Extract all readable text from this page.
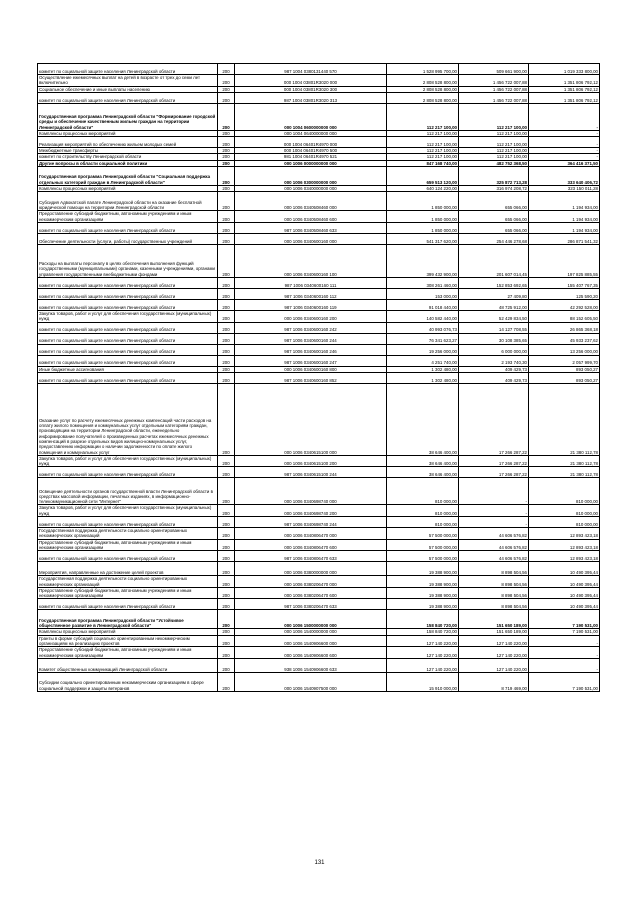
комитет по социальной защите населения Ленинградской области	200	987 1004 0380131440 570	1 528 995 700,00	509 661 900,00	1 019 333 800,00
Осуществление ежемесячных выплат на детей в возрасте от трех до семи лет включительно	200	000 1004 03801R3020 000	2 808 528 800,00	1 456 722 007,88	1 351 806 792,12
Социальное обеспечение и иные выплаты населению	200	000 1004 03801R3020 300	2 808 528 800,00	1 456 722 007,88	1 351 806 792,12
комитет по социальной защите населения Ленинградской области	200	987 1004 03801R3020 313	2 808 528 800,00	1 456 722 007,88	1 351 806 792,12
Государственная программа Ленинградской области "Формирование городской среды и обеспечение качественным жильем граждан на территории Ленинградской области"	200	000 1004 0600000000 000	112 217 100,00	112 217 100,00	-
Комплексы процессных мероприятий	200	000 1004 0640000000 000	112 217 100,00	112 217 100,00	-
Реализация мероприятий по обеспечению жильем молодых семей	200	000 1004 06401R4970 000	112 217 100,00	112 217 100,00	-
Межбюджетные трансферты	200	000 1004 06401R4970 500	112 217 100,00	112 217 100,00	-
комитет по строительству Ленинградской области	200	981 1004 06401R4970 521	112 217 100,00	112 217 100,00	-
Другие вопросы в области социальной политики	200	000 1006 0000000000 000	847 168 740,00	482 752 368,50	364 416 371,50
Государственная программа Ленинградской области "Социальная поддержка отдельных категорий граждан в Ленинградской области"	200	000 1006 0300000000 000	659 513 120,00	325 872 713,28	333 640 406,72
Комплексы процессных мероприятий	200	000 1006 0340000000 000	640 124 220,00	316 974 208,72	323 150 011,28
Субсидия Адвокатской палате Ленинградской области на оказание бесплатной юридической помощи на территории Ленинградской области	200	000 1006 0340508460 000	1 850 000,00	655 066,00	1 194 934,00
Предоставление субсидий бюджетным, автономным учреждениям и иным некоммерческим организациям	200	000 1006 0340508460 600	1 850 000,00	655 066,00	1 194 934,00
комитет по социальной защите населения Ленинградской области	200	987 1006 0340508460 633	1 850 000,00	655 066,00	1 194 934,00
Обеспечение деятельности (услуги, работы) государственных учреждений	200	000 1006 0340600160 000	541 317 620,00	254 446 278,68	286 871 541,32
Расходы на выплаты персоналу в целях обеспечения выполнения функций государственными (муниципальными) органами, казенными учреждениями, органами управления государственными внебюджетными фондами	200	000 1006 0340600160 100	399 432 900,00	201 607 014,45	197 825 885,55
комитет по социальной защите населения Ленинградской области	200	987 1006 0340600160 111	308 261 460,00	152 853 692,65	155 407 767,35
комитет по социальной защите населения Ленинградской области	200	987 1006 0340600160 112	153 000,00	27 409,80	125 590,20
комитет по социальной защите населения Ленинградской области	200	987 1006 0340600160 119	91 018 440,00	48 725 912,00	42 292 528,00
Закупка товаров, работ и услуг для обеспечения государственных (муниципальных) нужд	200	000 1006 0340600160 200	140 582 440,00	52 429 834,50	88 152 605,50
комитет по социальной защите населения Ленинградской области	200	987 1006 0340600160 242	40 993 076,73	14 127 708,55	26 865 368,18
комитет по социальной защите населения Ленинградской области	200	987 1006 0340600160 244	76 341 623,27	30 108 385,65	45 933 237,62
комитет по социальной защите населения Ленинградской области	200	987 1006 0340600160 246	19 256 000,00	6 000 000,00	13 256 000,00
комитет по социальной защите населения Ленинградской области	200	987 1006 0340600160 247	4 251 740,00	2 193 740,30	2 057 999,70
Иные бюджетные ассигнования	200	000 1006 0340600160 800	1 302 480,00	409 429,73	893 050,27
комитет по социальной защите населения Ленинградской области	200	987 1006 0340600160 852	1 302 480,00	409 429,73	893 050,27
Оказание услуг по расчету ежемесячных денежных компенсаций части расходов на оплату жилого помещения и коммунальных услуг отдельным категориям граждан, производящим на территории Ленинградской области, еженедельно информирование получателей о произведенных расчетах ежемесячных денежных компенсаций в разрезе отдельных видов жилищно-коммунальных услуг, предоставлению информации о наличии задолженности по оплате жилого помещения и коммунальных услуг	200	000 1006 0340615100 000	38 646 400,00	17 266 287,22	21 380 112,78
Закупка товаров, работ и услуг для обеспечения государственных (муниципальных) нужд	200	000 1006 0340615100 200	38 646 400,00	17 266 287,22	21 380 112,78
комитет по социальной защите населения Ленинградской области	200	987 1006 0340615100 244	38 646 400,00	17 266 287,22	21 380 112,78
Освещение деятельности органов государственной власти Ленинградской области в средствах массовой информации, печатных изданиях, в информационно-телекоммуникационной сети "Интернет"	200	000 1006 0340698740 000	810 000,00	-	810 000,00
Закупка товаров, работ и услуг для обеспечения государственных (муниципальных) нужд	200	000 1006 0340698740 200	810 000,00	-	810 000,00
комитет по социальной защите населения Ленинградской области	200	987 1006 0340698740 244	810 000,00	-	810 000,00
Государственная поддержка деятельности социально ориентированных некоммерческих организаций	200	000 1006 0340806470 000	57 500 000,00	44 606 576,82	12 893 423,18
Предоставление субсидий бюджетным, автономным учреждениям и иным некоммерческим организациям	200	000 1006 0340806470 600	57 500 000,00	44 606 576,82	12 893 423,18
комитет по социальной защите населения Ленинградской области	200	987 1006 0340806470 633	57 500 000,00	44 606 576,82	12 893 423,18
Мероприятия, направленные на достижение целей проектов	200	000 1006 0380000000 000	19 388 900,00	8 898 504,56	10 490 395,44
Государственная поддержка деятельности социально ориентированных некоммерческих организаций	200	000 1006 0380206470 000	19 388 900,00	8 898 504,56	10 490 395,44
Предоставление субсидий бюджетным, автономным учреждениям и иным некоммерческим организациям	200	000 1006 0380206470 600	19 388 900,00	8 898 504,56	10 490 395,44
комитет по социальной защите населения Ленинградской области	200	987 1006 0380206470 633	19 388 900,00	8 898 504,56	10 490 395,44
Государственная программа Ленинградской области "Устойчивое общественное развитие в Ленинградской области"	200	000 1006 1500000000 000	158 840 720,00	151 650 189,00	7 190 531,00
Комплексы процессных мероприятий	200	000 1006 1540000000 000	158 840 720,00	151 650 189,00	7 190 531,00
Гранты в форме субсидий социально ориентированным некоммерческим организациям на реализацию проектов	200	000 1006 1540906600 000	127 140 220,00	127 140 220,00	-
Предоставление субсидий бюджетным, автономным учреждениям и иным некоммерческим организациям	200	000 1006 1540906600 600	127 140 220,00	127 140 220,00	-
Комитет общественных коммуникаций Ленинградской области	200	938 1006 1540906600 633	127 140 220,00	127 140 220,00	-
Субсидии социально ориентированным некоммерческим организациям в сфере социальной поддержки и защиты ветеранов	200	000 1006 1540907500 000	15 910 000,00	8 719 469,00	7 190 531,00
131
